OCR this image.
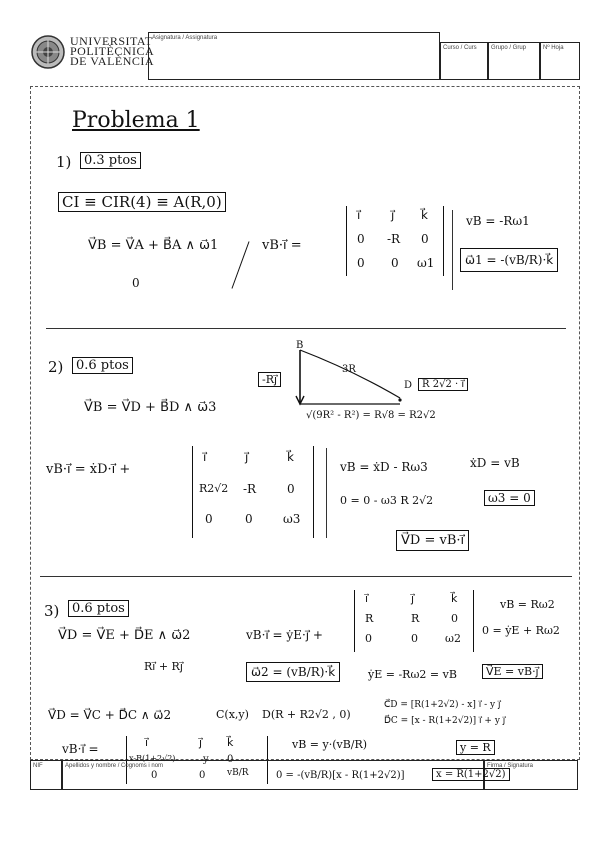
UNIVERSITAT
POLITÈCNICA
DE VALÈNCIA
Asignatura / Assignatura
Curso / Curs Grupo / Grup	Nº Hoja
Problema 1
1) 0.3 ptos
CI ≡ CIR(4) ≡ A(R,0)
V⃗B = V⃗A + B⃗A ∧ ω⃗1
0
vB·i⃗ =
i⃗	j⃗ k⃗
0 -R 0
0 0 ω1
vB = -Rω1
ω⃗1 = -(vB/R)·k⃗
2) 0.6 ptos
B
3R
-Rj⃗	D R 2√2 · i⃗
√(9R² - R²) = R√8 = R2√2
V⃗B = V⃗D + B⃗D ∧ ω⃗3
vB·i⃗ = ẋD·i⃗ +
i⃗	j⃗	k⃗
R2√2 -R	0
0	0	ω3
vB = ẋD - Rω3	ẋD = vB
0 = 0 - ω3 R 2√2	ω3 = 0
V⃗D = vB·i⃗
3) 0.6 ptos
V⃗D = V⃗E + D⃗E ∧ ω⃗2
Ri⃗ + Rj⃗
vB·i⃗ = ẏE·j⃗ +
i⃗	j⃗	k⃗
R	R	0
0	0 ω2
vB = Rω2
0 = ẏE + Rω2
ω⃗2 = (vB/R)·k⃗	ẏE = -Rω2 = vB	V⃗E = vB·j⃗
V⃗D = V⃗C + D⃗C ∧ ω⃗2	C(x,y) D(R + R2√2 , 0)
C⃗D = [R(1+2√2) - x] i⃗ - y j⃗
D⃗C = [x - R(1+2√2)] i⃗ + y j⃗
vB·i⃗ =	i⃗	j⃗ k⃗
x-R(1+2√2)	y 0
0	0 vB/R
vB = y·(vB/R)	y = R
NIF	Apellidos y nombre / Cognoms i nom	Firma / Signatura
0 = -(vB/R)[x - R(1+2√2)]	x = R(1+2√2)
